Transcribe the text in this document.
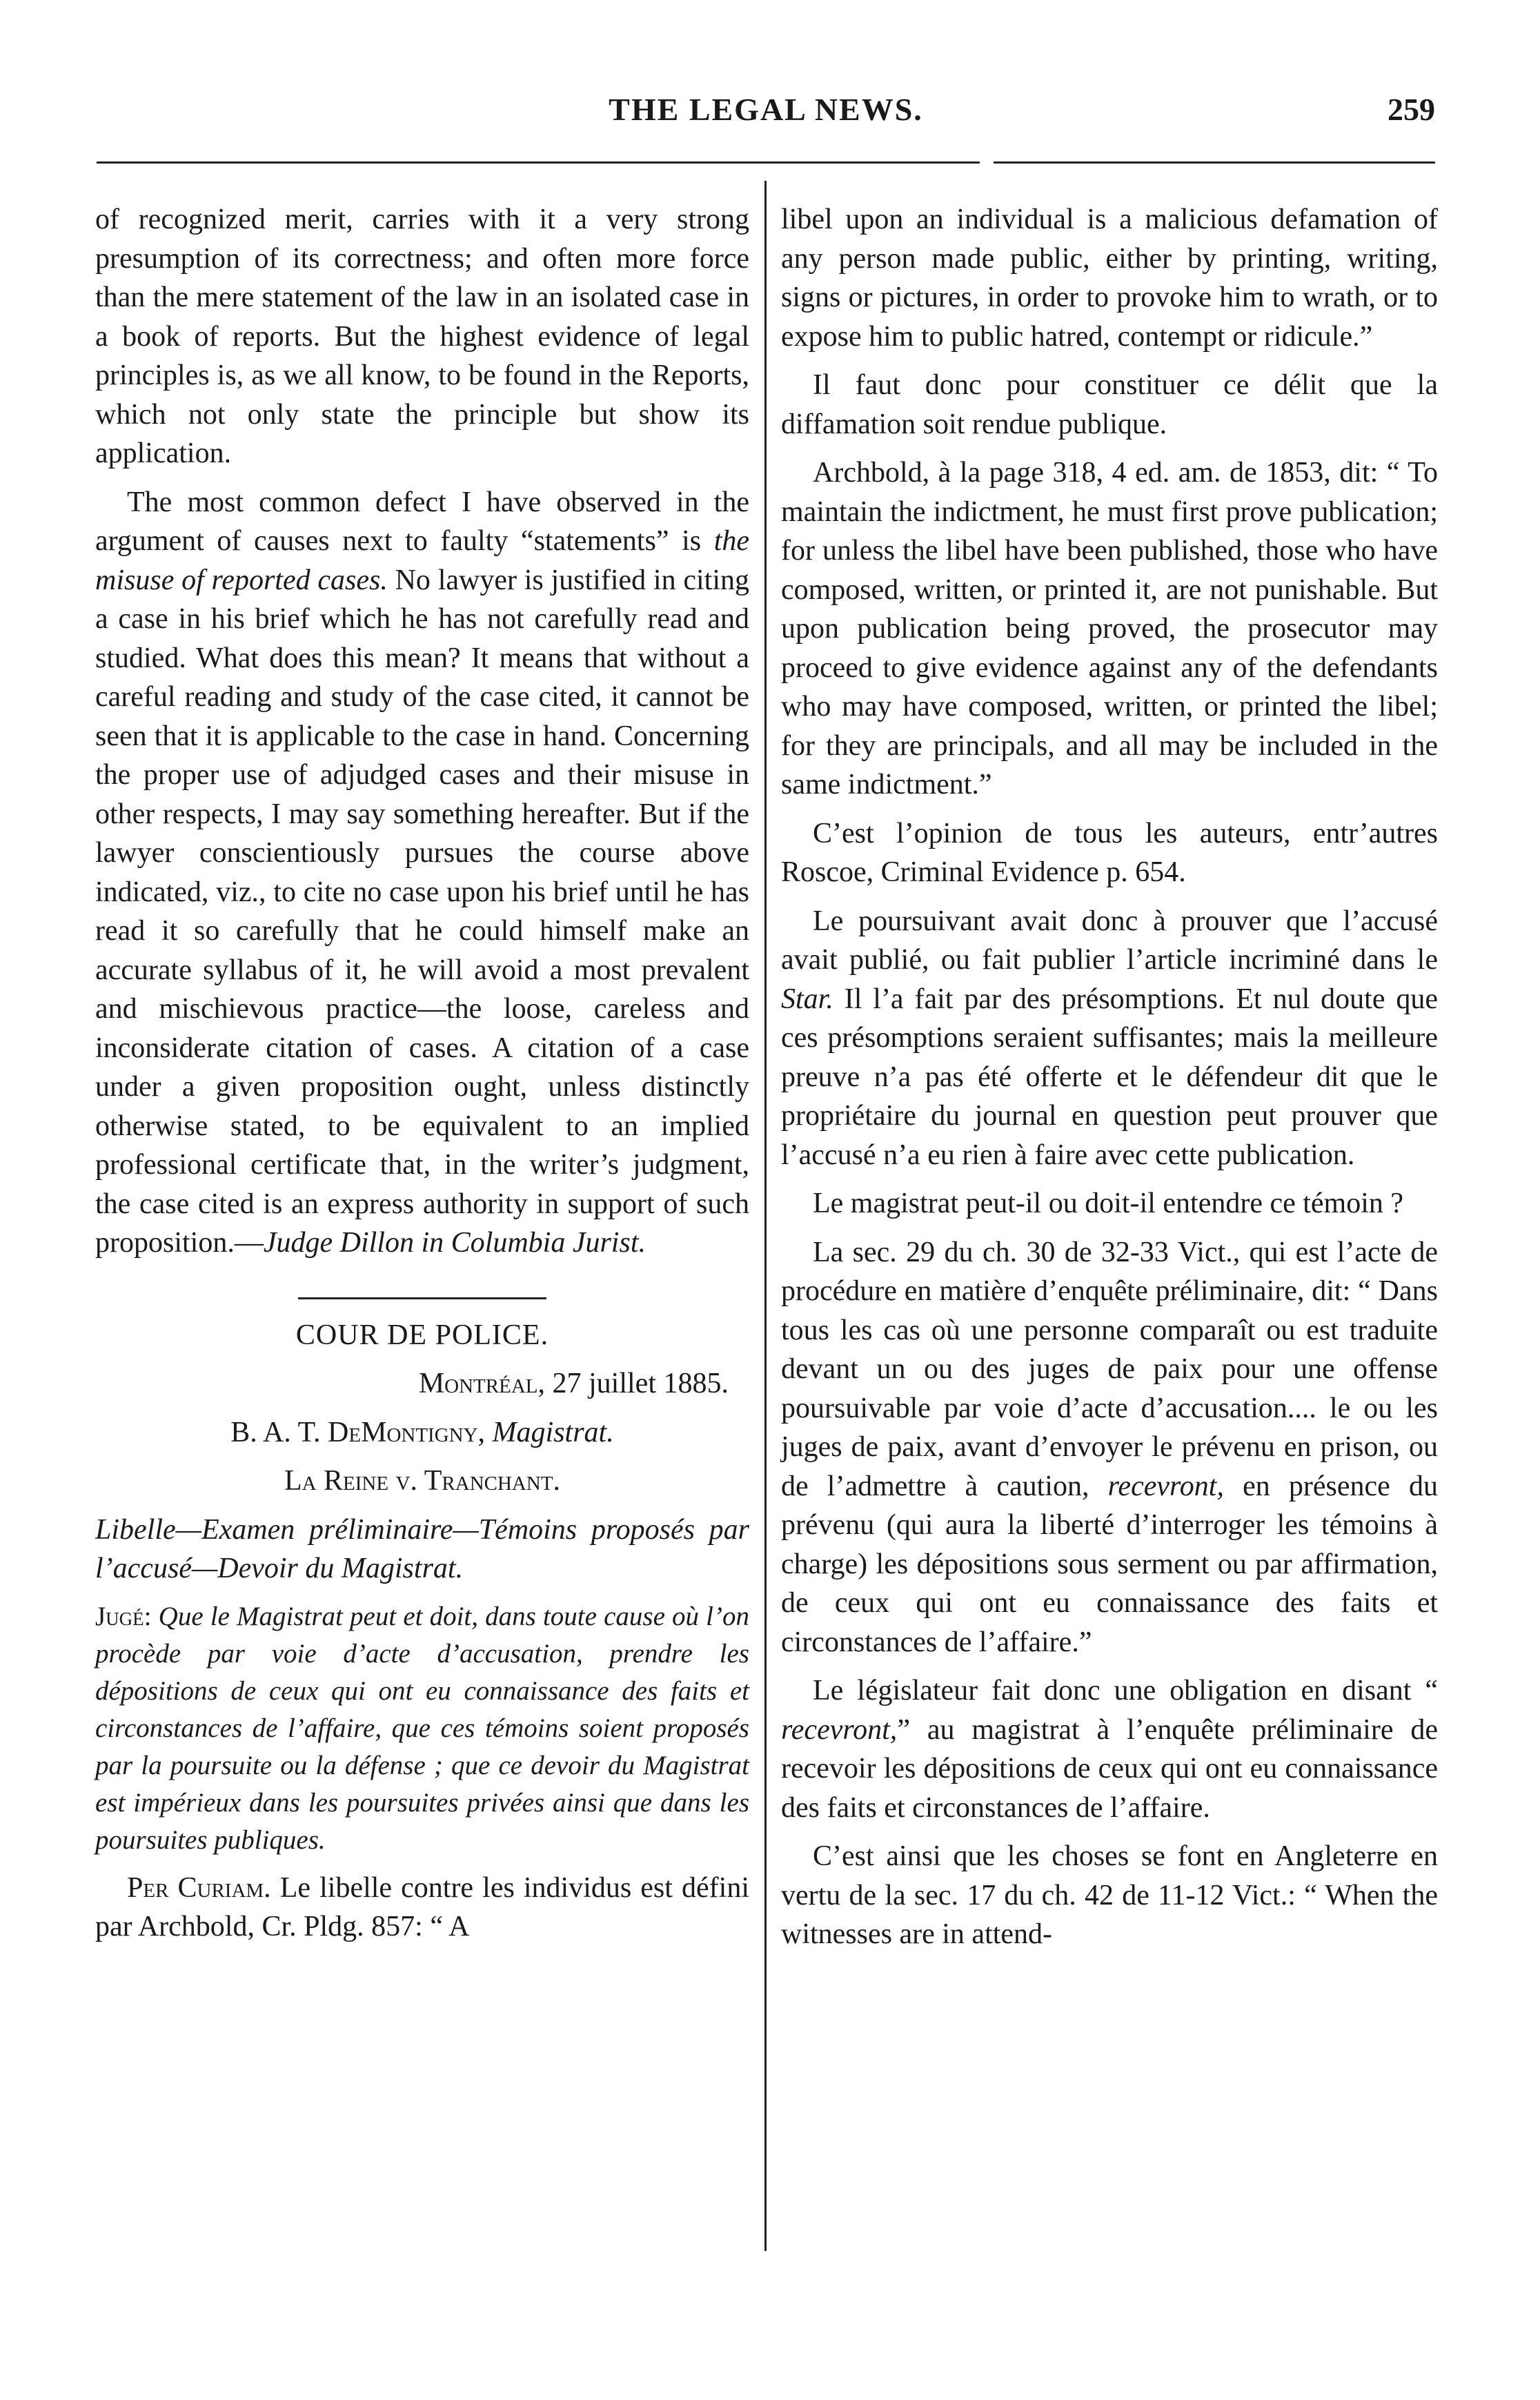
THE LEGAL NEWS.	259

of recognized merit, carries with it a very strong presumption of its correctness; and often more force than the mere statement of the law in an isolated case in a book of reports. But the highest evidence of legal principles is, as we all know, to be found in the Reports, which not only state the principle but show its application.

The most common defect I have observed in the argument of causes next to faulty “statements” is the misuse of reported cases. No lawyer is justified in citing a case in his brief which he has not carefully read and studied. What does this mean? It means that without a careful reading and study of the case cited, it cannot be seen that it is applicable to the case in hand. Concerning the proper use of adjudged cases and their misuse in other respects, I may say something hereafter. But if the lawyer conscientiously pursues the course above indicated, viz., to cite no case upon his brief until he has read it so carefully that he could himself make an accurate syllabus of it, he will avoid a most prevalent and mischievous practice—the loose, careless and inconsiderate citation of cases. A citation of a case under a given proposition ought, unless distinctly otherwise stated, to be equivalent to an implied professional certificate that, in the writer’s judgment, the case cited is an express authority in support of such proposition.—Judge Dillon in Columbia Jurist.

COUR DE POLICE.

Montréal, 27 juillet 1885.

B. A. T. DeMontigny, Magistrat.

La Reine v. Tranchant.

Libelle—Examen préliminaire—Témoins proposés par l’accusé—Devoir du Magistrat.

Jugé: Que le Magistrat peut et doit, dans toute cause où l’on procède par voie d’acte d’accusation, prendre les dépositions de ceux qui ont eu connaissance des faits et circonstances de l’affaire, que ces témoins soient proposés par la poursuite ou la défense ; que ce devoir du Magistrat est impérieux dans les poursuites privées ainsi que dans les poursuites publiques.

Per Curiam. Le libelle contre les individus est défini par Archbold, Cr. Pldg. 857: “ A

libel upon an individual is a malicious defamation of any person made public, either by printing, writing, signs or pictures, in order to provoke him to wrath, or to expose him to public hatred, contempt or ridicule.”

Il faut donc pour constituer ce délit que la diffamation soit rendue publique.

Archbold, à la page 318, 4 ed. am. de 1853, dit: “ To maintain the indictment, he must first prove publication; for unless the libel have been published, those who have composed, written, or printed it, are not punishable. But upon publication being proved, the prosecutor may proceed to give evidence against any of the defendants who may have composed, written, or printed the libel; for they are principals, and all may be included in the same indictment.”

C’est l’opinion de tous les auteurs, entr’autres Roscoe, Criminal Evidence p. 654.

Le poursuivant avait donc à prouver que l’accusé avait publié, ou fait publier l’article incriminé dans le Star. Il l’a fait par des présomptions. Et nul doute que ces présomptions seraient suffisantes; mais la meilleure preuve n’a pas été offerte et le défendeur dit que le propriétaire du journal en question peut prouver que l’accusé n’a eu rien à faire avec cette publication.

Le magistrat peut-il ou doit-il entendre ce témoin ?

La sec. 29 du ch. 30 de 32-33 Vict., qui est l’acte de procédure en matière d’enquête préliminaire, dit: “ Dans tous les cas où une personne comparaît ou est traduite devant un ou des juges de paix pour une offense poursuivable par voie d’acte d’accusation.... le ou les juges de paix, avant d’envoyer le prévenu en prison, ou de l’admettre à caution, recevront, en présence du prévenu (qui aura la liberté d’interroger les témoins à charge) les dépositions sous serment ou par affirmation, de ceux qui ont eu connaissance des faits et circonstances de l’affaire.”

Le législateur fait donc une obligation en disant “ recevront,” au magistrat à l’enquête préliminaire de recevoir les dépositions de ceux qui ont eu connaissance des faits et circonstances de l’affaire.

C’est ainsi que les choses se font en Angleterre en vertu de la sec. 17 du ch. 42 de 11-12 Vict.: “ When the witnesses are in attend-
